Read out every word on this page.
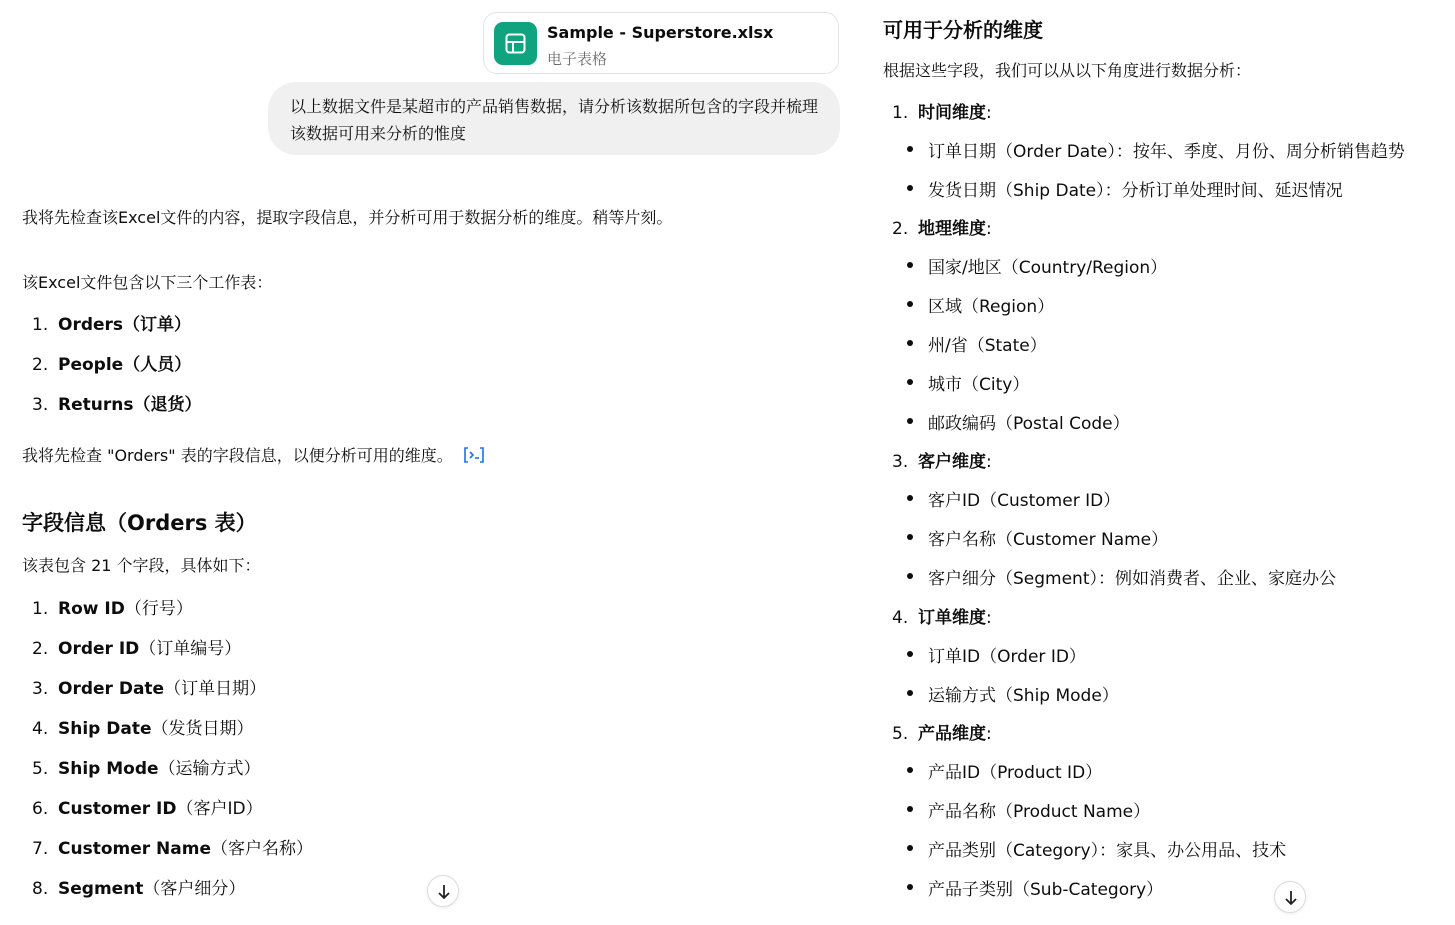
Sample - Superstore.xlsx
电子表格
以上数据文件是某超市的产品销售数据，请分析该数据所包含的字段并梳理该数据可用来分析的惟度
我将先检查该Excel文件的内容，提取字段信息，并分析可用于数据分析的维度。稍等片刻。
该Excel文件包含以下三个工作表：
1. Orders（订单）
2. People（人员）
3. Returns（退货）
我将先检查 "Orders" 表的字段信息，以便分析可用的维度。
字段信息（Orders 表）
该表包含 21 个字段，具体如下：
1. Row ID（行号）
2. Order ID（订单编号）
3. Order Date（订单日期）
4. Ship Date（发货日期）
5. Ship Mode（运输方式）
6. Customer ID（客户ID）
7. Customer Name（客户名称）
8. Segment（客户细分）
可用于分析的维度
根据这些字段，我们可以从以下角度进行数据分析：
1. 时间维度:
订单日期（Order Date）：按年、季度、月份、周分析销售趋势
发货日期（Ship Date）：分析订单处理时间、延迟情况
2. 地理维度:
国家/地区（Country/Region）
区域（Region）
州/省（State）
城市（City）
邮政编码（Postal Code）
3. 客户维度:
客户ID（Customer ID）
客户名称（Customer Name）
客户细分（Segment）：例如消费者、企业、家庭办公
4. 订单维度:
订单ID（Order ID）
运输方式（Ship Mode）
5. 产品维度:
产品ID（Product ID）
产品名称（Product Name）
产品类别（Category）：家具、办公用品、技术
产品子类别（Sub-Category）
